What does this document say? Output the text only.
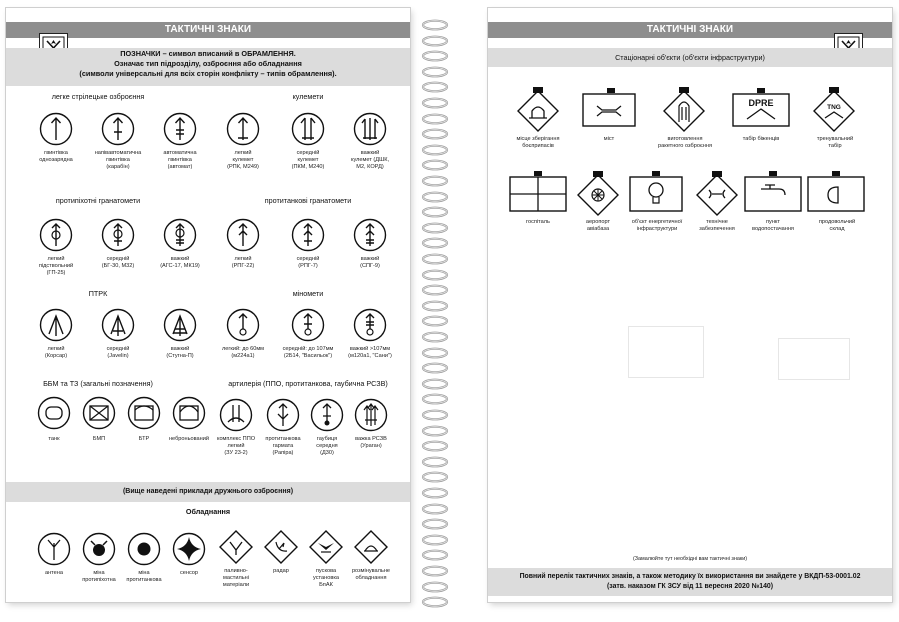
ТАКТИЧНІ ЗНАКИ
ПОЗНАЧКИ – символ вписаний в ОБРАМЛЕННЯ.
Означає тип підрозділу, озброєння або обладнання
(символи універсальні для всіх сторін конфлікту – типів обрамлення).
легке стрілецьке озброєння	кулемети
протипіхотні гранатомети	протитанкові гранатомети
ПТРК	міномети
ББМ та ТЗ (загальні позначення)	артилерія (ППО, протитанкова, гаубична РСЗВ)
(Вище наведені приклади дружнього озброєння)
Обладнання
гвинтівка
однозарядна
напівавтоматична
гвинтівка
(карабін)
автоматична
гвинтівка
(автомат)
легкий
кулемет
(РПК, М249)
середній
кулемет
(ПКМ, М240)
важкий
кулемет (ДШК,
М2, КОРД)
легкий
підствольний
(ГП-25)
середній
(БГ-30, М32)
важкий
(АГС-17, МК19)
легкий
(РПГ-22)
середній
(РПГ-7)
важкий
(СПГ-9)
легкий
(Корсар)
середній
(Javelin)
важкий
(Стугна-П)
легкий: до 60мм
(м224а1)
середній: до 107мм
(2Б14, "Васильок")
важкий >107мм
(м120а1, "Сани")
танк	БМП	БТР	неброньований	комплекс ППО
легкий
(ЗУ 23-2)
протитанкова
гармата
(Рапіра)
гаубиця
середня
(Д30)
важка РСЗВ
(Ураган)
антена	міна
протипіхотна
міна
протитанкова
сенсор	паливно-
мастильні
матеріали
радар	пускова
установка
БпАК
розмінувальне
обладнання
ТАКТИЧНІ ЗНАКИ
Стаціонарні об'єкти (об'єкти інфраструктури)
DPRE	TNG
місце зберігання
боєприпасів
міст	виготовлення
ракетного озброєння
табір біженців	тренувальний
табір
госпіталь	аеропорт
авіабаза
об'єкт енергетичної
інфраструктури
технічне
забезпечення
пункт
водопостачання
продовольчий
склад
(Замалюйте тут необхідні вам тактичні знаки)
Повний перелік тактичних знаків, а також методику їх використання ви знайдете у ВКДП-53-0001.02
(затв. наказом ГК ЗСУ від 11 вересня 2020 №140)
